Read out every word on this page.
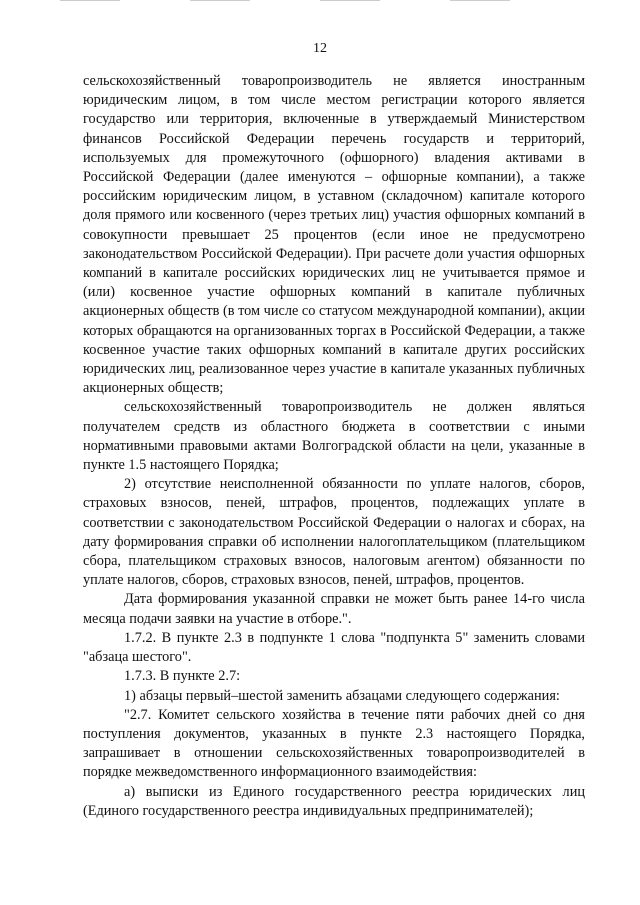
12

сельскохозяйственный товаропроизводитель не является иностранным юридическим лицом, в том числе местом регистрации которого является государство или территория, включенные в утверждаемый Министерством финансов Российской Федерации перечень государств и территорий, используемых для промежуточного (офшорного) владения активами в Российской Федерации (далее именуются – офшорные компании), а также российским юридическим лицом, в уставном (складочном) капитале которого доля прямого или косвенного (через третьих лиц) участия офшорных компаний в совокупности превышает 25 процентов (если иное не предусмотрено законодательством Российской Федерации). При расчете доли участия офшорных компаний в капитале российских юридических лиц не учитывается прямое и (или) косвенное участие офшорных компаний в капитале публичных акционерных обществ (в том числе со статусом международной компании), акции которых обращаются на организованных торгах в Российской Федерации, а также косвенное участие таких офшорных компаний в капитале других российских юридических лиц, реализованное через участие в капитале указанных публичных акционерных обществ;

сельскохозяйственный товаропроизводитель не должен являться получателем средств из областного бюджета в соответствии с иными нормативными правовыми актами Волгоградской области на цели, указанные в пункте 1.5 настоящего Порядка;

2) отсутствие неисполненной обязанности по уплате налогов, сборов, страховых взносов, пеней, штрафов, процентов, подлежащих уплате в соответствии с законодательством Российской Федерации о налогах и сборах, на дату формирования справки об исполнении налогоплательщиком (плательщиком сбора, плательщиком страховых взносов, налоговым агентом) обязанности по уплате налогов, сборов, страховых взносов, пеней, штрафов, процентов.

Дата формирования указанной справки не может быть ранее 14-го числа месяца подачи заявки на участие в отборе.".

1.7.2. В пункте 2.3 в подпункте 1 слова "подпункта 5" заменить словами "абзаца шестого".

1.7.3. В пункте 2.7:

1) абзацы первый–шестой заменить абзацами следующего содержания:

"2.7. Комитет сельского хозяйства в течение пяти рабочих дней со дня поступления документов, указанных в пункте 2.3 настоящего Порядка, запрашивает в отношении сельскохозяйственных товаропроизводителей в порядке межведомственного информационного взаимодействия:

а) выписки из Единого государственного реестра юридических лиц (Единого государственного реестра индивидуальных предпринимателей);
